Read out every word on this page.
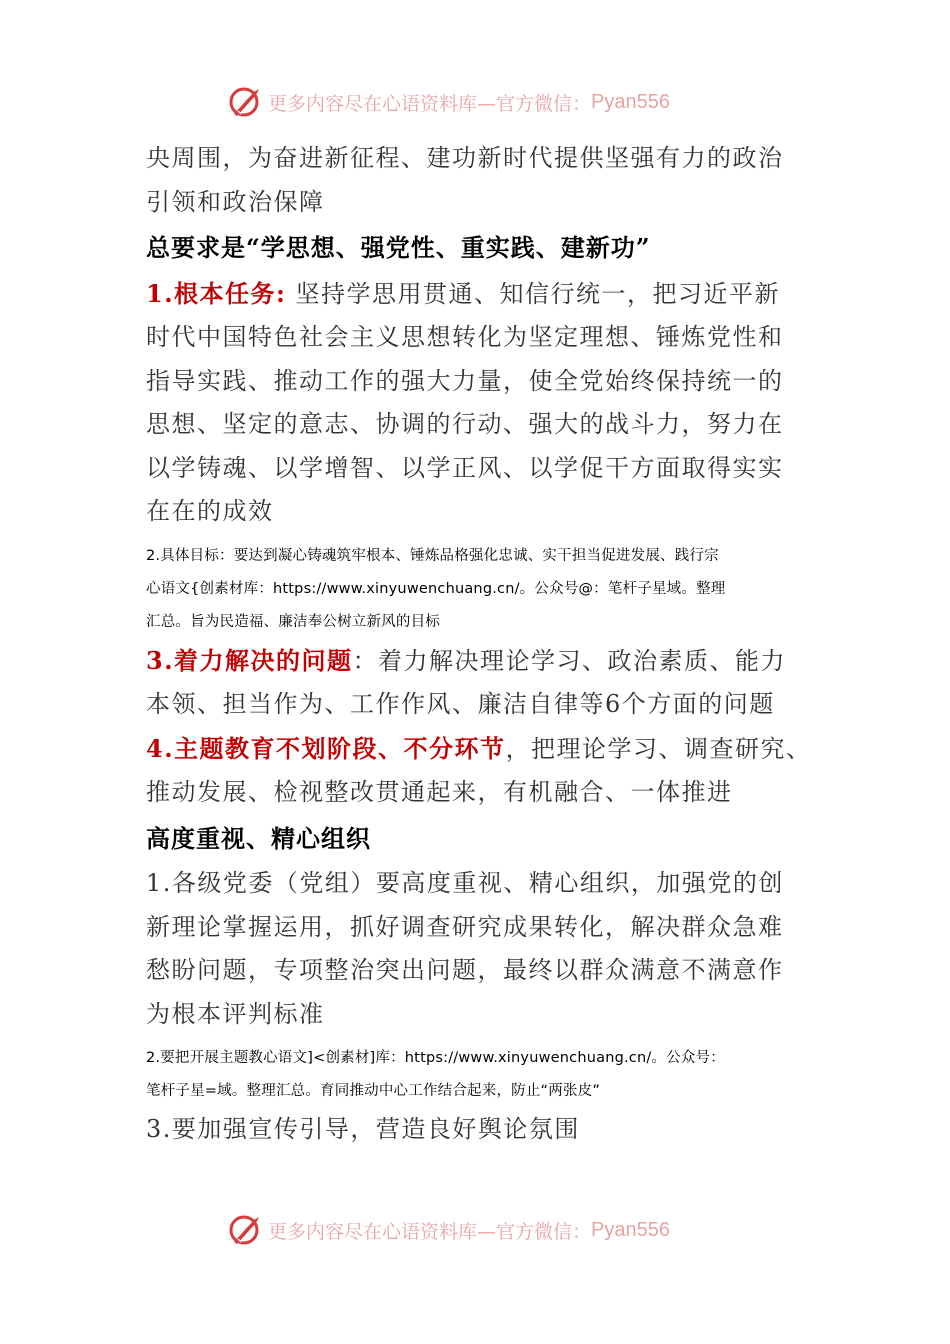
更多内容尽在心语资料库—官方微信： Pyan556

央周围，为奋进新征程、建功新时代提供坚强有力的政治

引领和政治保障

总要求是“学思想、强党性、重实践、建新功”

1.根本任务: 坚持学思用贯通、知信行统一，把习近平新

时代中国特色社会主义思想转化为坚定理想、锤炼党性和

指导实践、推动工作的强大力量，使全党始终保持统一的

思想、坚定的意志、协调的行动、强大的战斗力，努力在

以学铸魂、以学增智、以学正风、以学促干方面取得实实

在在的成效

2.具体目标：要达到凝心铸魂筑牢根本、锤炼品格强化忠诚、实干担当促进发展、践行宗

心语文{创素材库：https://www.xinyuwenchuang.cn/。公众号@：笔杆子星域。整理

汇总。旨为民造福、廉洁奉公树立新风的目标

3.着力解决的问题：着力解决理论学习、政治素质、能力

本领、担当作为、工作作风、廉洁自律等6个方面的问题

4.主题教育不划阶段、不分环节，把理论学习、调查研究、

推动发展、检视整改贯通起来，有机融合、一体推进

高度重视、精心组织

1.各级党委（党组）要高度重视、精心组织，加强党的创

新理论掌握运用，抓好调查研究成果转化，解决群众急难

愁盼问题，专项整治突出问题，最终以群众满意不满意作

为根本评判标准

2.要把开展主题教心语文]<创素材]库：https://www.xinyuwenchuang.cn/。公众号：

笔杆子星=域。整理汇总。育同推动中心工作结合起来，防止“两张皮”

3.要加强宣传引导，营造良好舆论氛围

更多内容尽在心语资料库—官方微信： Pyan556
